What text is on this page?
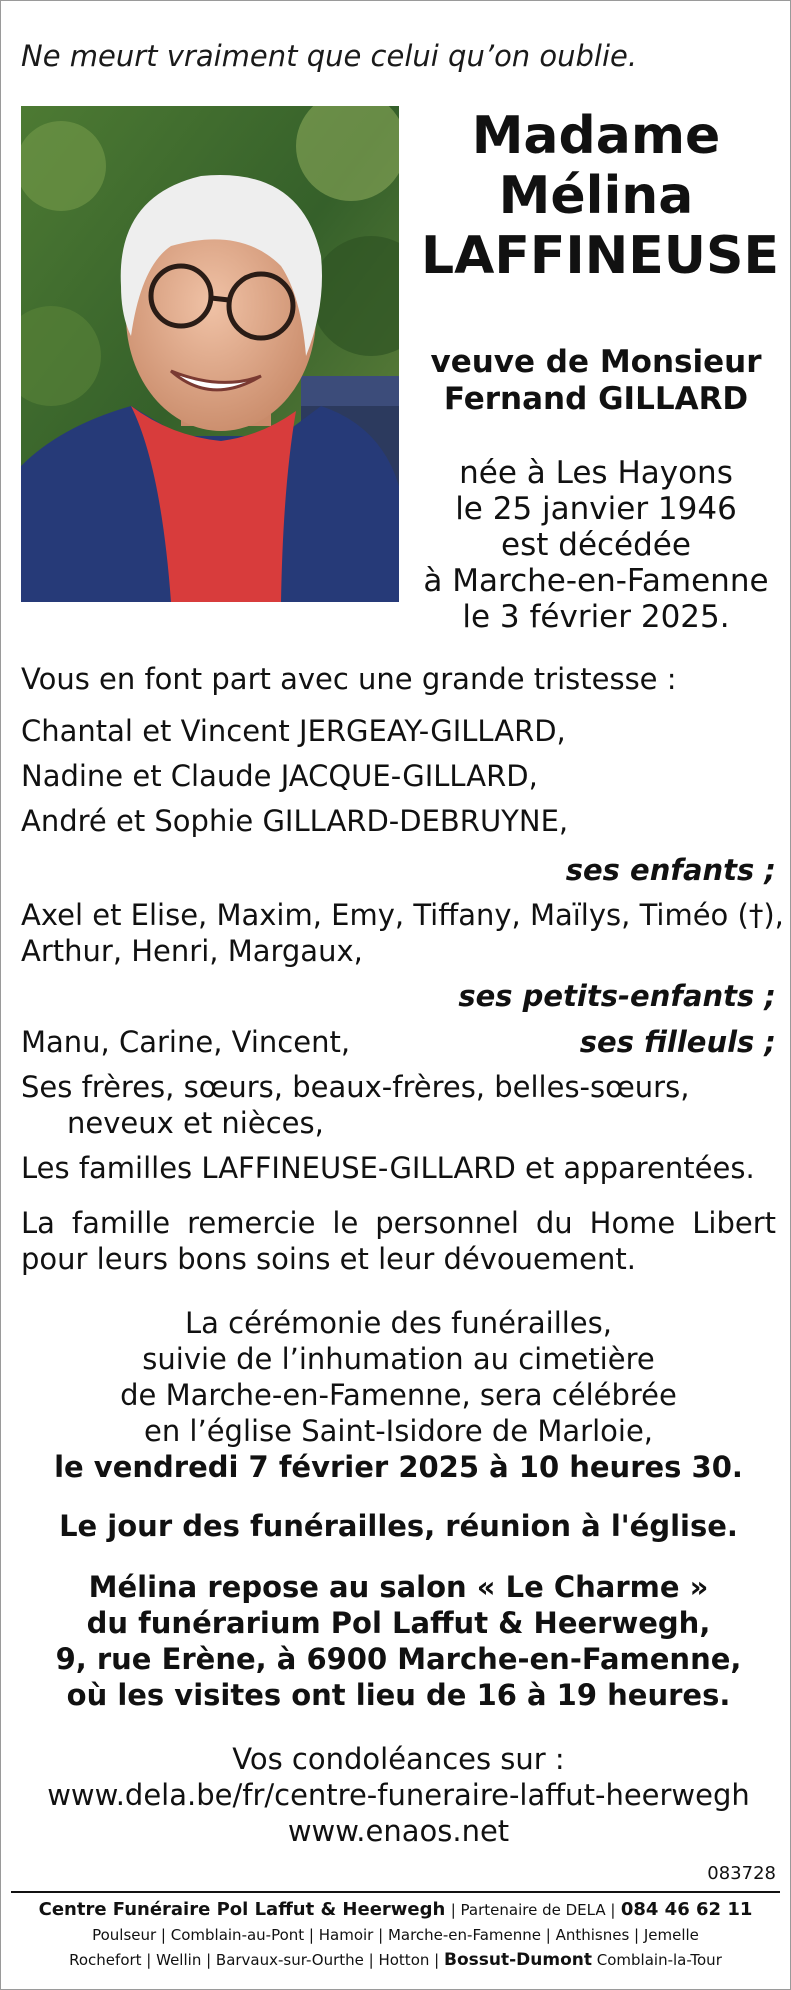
Ne meurt vraiment que celui qu’on oublie.
Madame
Mélina
LAFFINEUSE
veuve de Monsieur
Fernand GILLARD
née à Les Hayons
le 25 janvier 1946
est décédée
à Marche-en-Famenne
le 3 février 2025.
Vous en font part avec une grande tristesse :
Chantal et Vincent JERGEAY-GILLARD,
Nadine et Claude JACQUE-GILLARD,
André et Sophie GILLARD-DEBRUYNE,
ses enfants ;
Axel et Elise, Maxim, Emy, Tiffany, Maïlys, Timéo (†),
Arthur, Henri, Margaux,
ses petits-enfants ;
Manu, Carine, Vincent,	ses filleuls ;
Ses frères, sœurs, beaux-frères, belles-sœurs,
neveux et nièces,
Les familles LAFFINEUSE-GILLARD et apparentées.
La famille remercie le personnel du Home Libert
pour leurs bons soins et leur dévouement.
La cérémonie des funérailles,
suivie de l’inhumation au cimetière
de Marche-en-Famenne, sera célébrée
en l’église Saint-Isidore de Marloie,
le vendredi 7 février 2025 à 10 heures 30.
Le jour des funérailles, réunion à l'église.
Mélina repose au salon « Le Charme »
du funérarium Pol Laffut & Heerwegh,
9, rue Erène, à 6900 Marche-en-Famenne,
où les visites ont lieu de 16 à 19 heures.
Vos condoléances sur :
www.dela.be/fr/centre-funeraire-laffut-heerwegh
www.enaos.net
083728
Centre Funéraire Pol Laffut & Heerwegh | Partenaire de DELA | 084 46 62 11
Poulseur | Comblain-au-Pont | Hamoir | Marche-en-Famenne | Anthisnes | Jemelle
Rochefort | Wellin | Barvaux-sur-Ourthe | Hotton | Bossut-Dumont Comblain-la-Tour
